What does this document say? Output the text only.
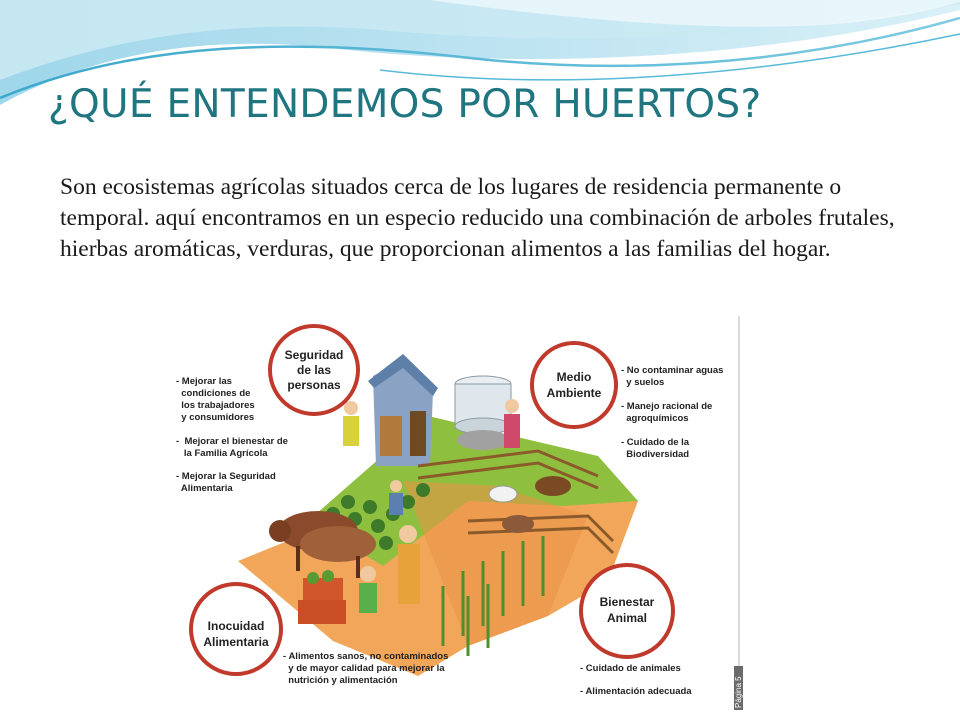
¿QUÉ ENTENDEMOS POR HUERTOS?

Son ecosistemas agrícolas situados cerca de los lugares de residencia permanente o temporal. aquí encontramos en un especio reducido una combinación de arboles frutales, hierbas aromáticas, verduras, que proporcionan alimentos a las familias del hogar.

Seguridad de las personas
Medio Ambiente
Inocuidad Alimentaria
Bienestar Animal
- Mejorar las       condiciones de       los trabajadores       y consumidores -  Mejorar el bienestar de        la Familia Agrícola - Mejorar la Seguridad       Alimentaria
- No contaminar aguas       y suelos - Manejo racional de       agroquímicos - Cuidado de la       Biodiversidad
- Alimentos sanos, no contaminados       y de mayor calidad para mejorar la       nutrición y alimentación
- Cuidado de animales - Alimentación adecuada	Página 5
